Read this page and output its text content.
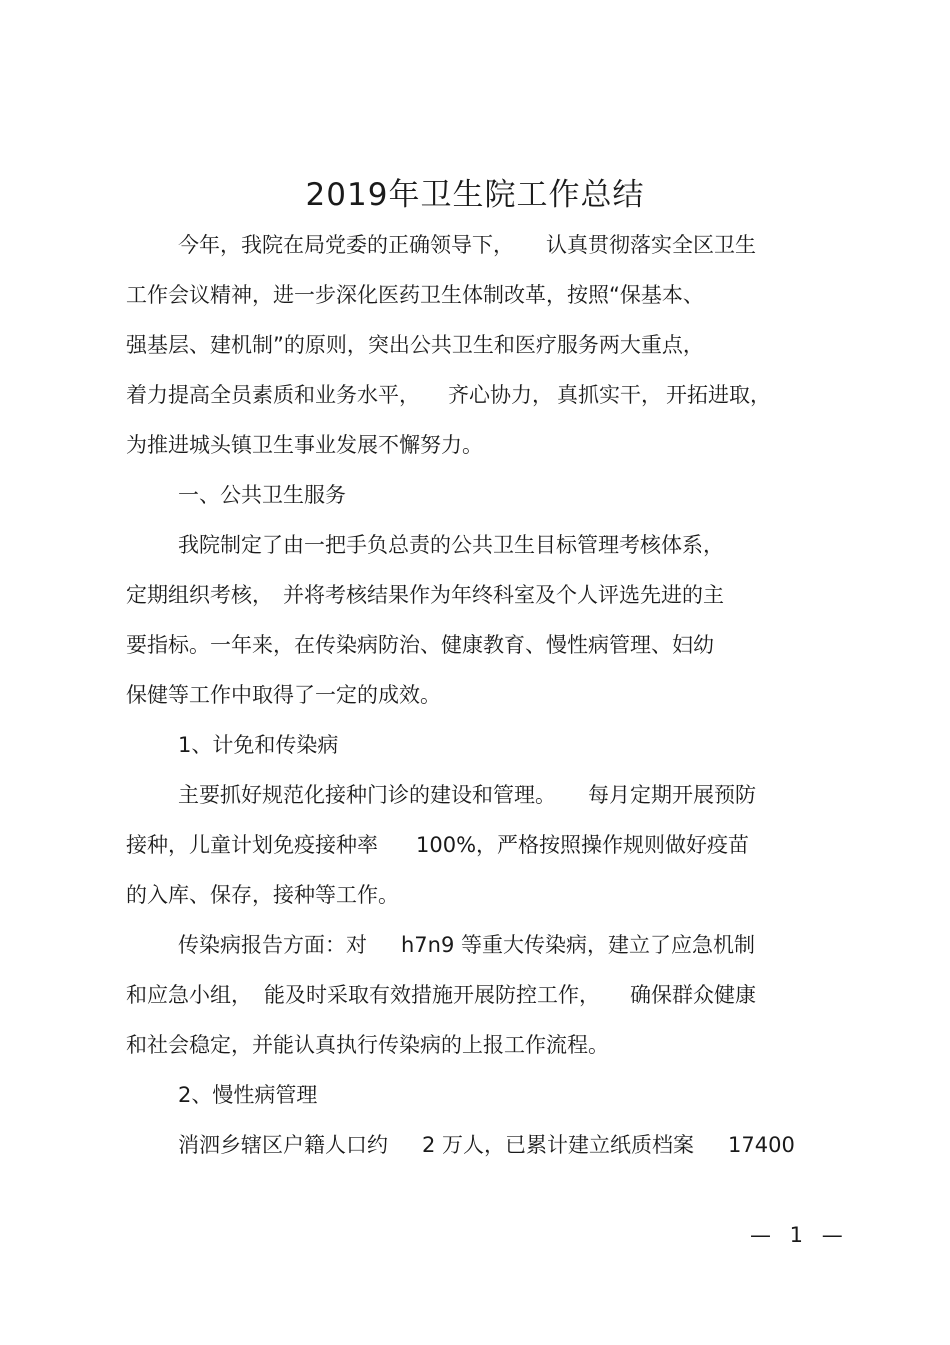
2019年卫生院工作总结
今年，我院在局党委的正确领导下， 认真贯彻落实全区卫生
工作会议精神，进一步深化医药卫生体制改革，按照“保基本、
强基层、建机制”的原则，突出公共卫生和医疗服务两大重点，
着力提高全员素质和业务水平， 齐心协力， 真抓实干， 开拓进取，
为推进城头镇卫生事业发展不懈努力。
一、公共卫生服务
我院制定了由一把手负总责的公共卫生目标管理考核体系，
定期组织考核， 并将考核结果作为年终科室及个人评选先进的主
要指标。一年来，在传染病防治、健康教育、慢性病管理、妇幼
保健等工作中取得了一定的成效。
1、计免和传染病
主要抓好规范化接种门诊的建设和管理。 每月定期开展预防
接种，儿童计划免疫接种率 100%，严格按照操作规则做好疫苗
的入库、保存，接种等工作。
传染病报告方面：对 h7n9 等重大传染病，建立了应急机制
和应急小组， 能及时采取有效措施开展防控工作， 确保群众健康
和社会稳定，并能认真执行传染病的上报工作流程。
2、慢性病管理
消泗乡辖区户籍人口约 2 万人，已累计建立纸质档案 17400
— 1 —
